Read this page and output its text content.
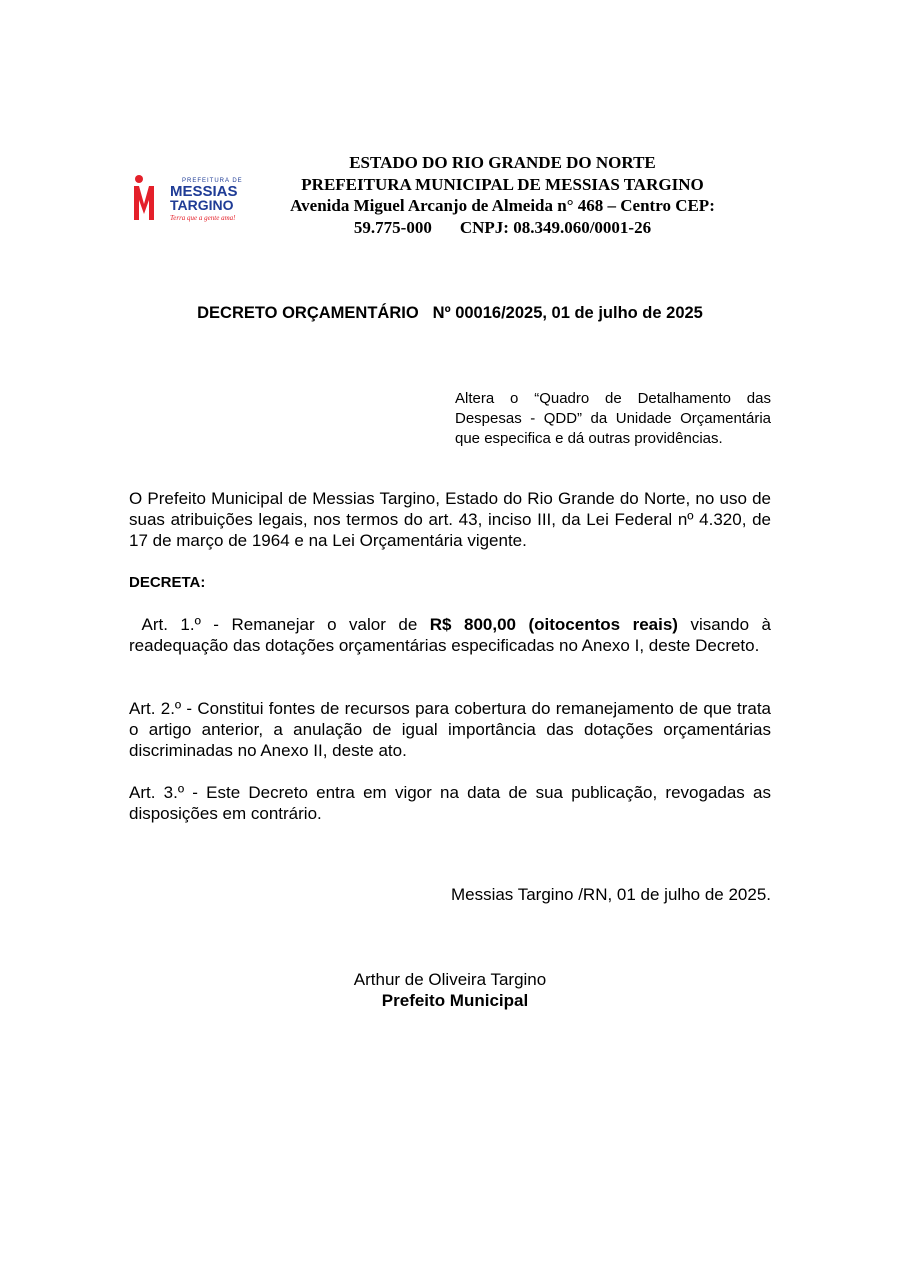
PREFEITURA DE
MESSIAS
TARGINO
Terra que a gente ama!
ESTADO DO RIO GRANDE DO NORTE
PREFEITURA MUNICIPAL DE MESSIAS TARGINO
Avenida Miguel Arcanjo de Almeida n° 468 – Centro CEP:
59.775-000 CNPJ: 08.349.060/0001-26
DECRETO ORÇAMENTÁRIO Nº 00016/2025, 01 de julho de 2025
Altera o “Quadro de Detalhamento das Despesas - QDD” da Unidade Orçamentária que especifica e dá outras providências.
O Prefeito Municipal de Messias Targino, Estado do Rio Grande do Norte, no uso de suas atribuições legais, nos termos do art. 43, inciso III, da Lei Federal nº 4.320, de 17 de março de 1964 e na Lei Orçamentária vigente.
DECRETA:
Art. 1.º - Remanejar o valor de R$ 800,00 (oitocentos reais) visando à readequação das dotações orçamentárias especificadas no Anexo I, deste Decreto.
Art. 2.º - Constitui fontes de recursos para cobertura do remanejamento de que trata o artigo anterior, a anulação de igual importância das dotações orçamentárias discriminadas no Anexo II, deste ato.
Art. 3.º - Este Decreto entra em vigor na data de sua publicação, revogadas as disposições em contrário.
Messias Targino /RN, 01 de julho de 2025.
Arthur de Oliveira Targino
Prefeito Municipal
